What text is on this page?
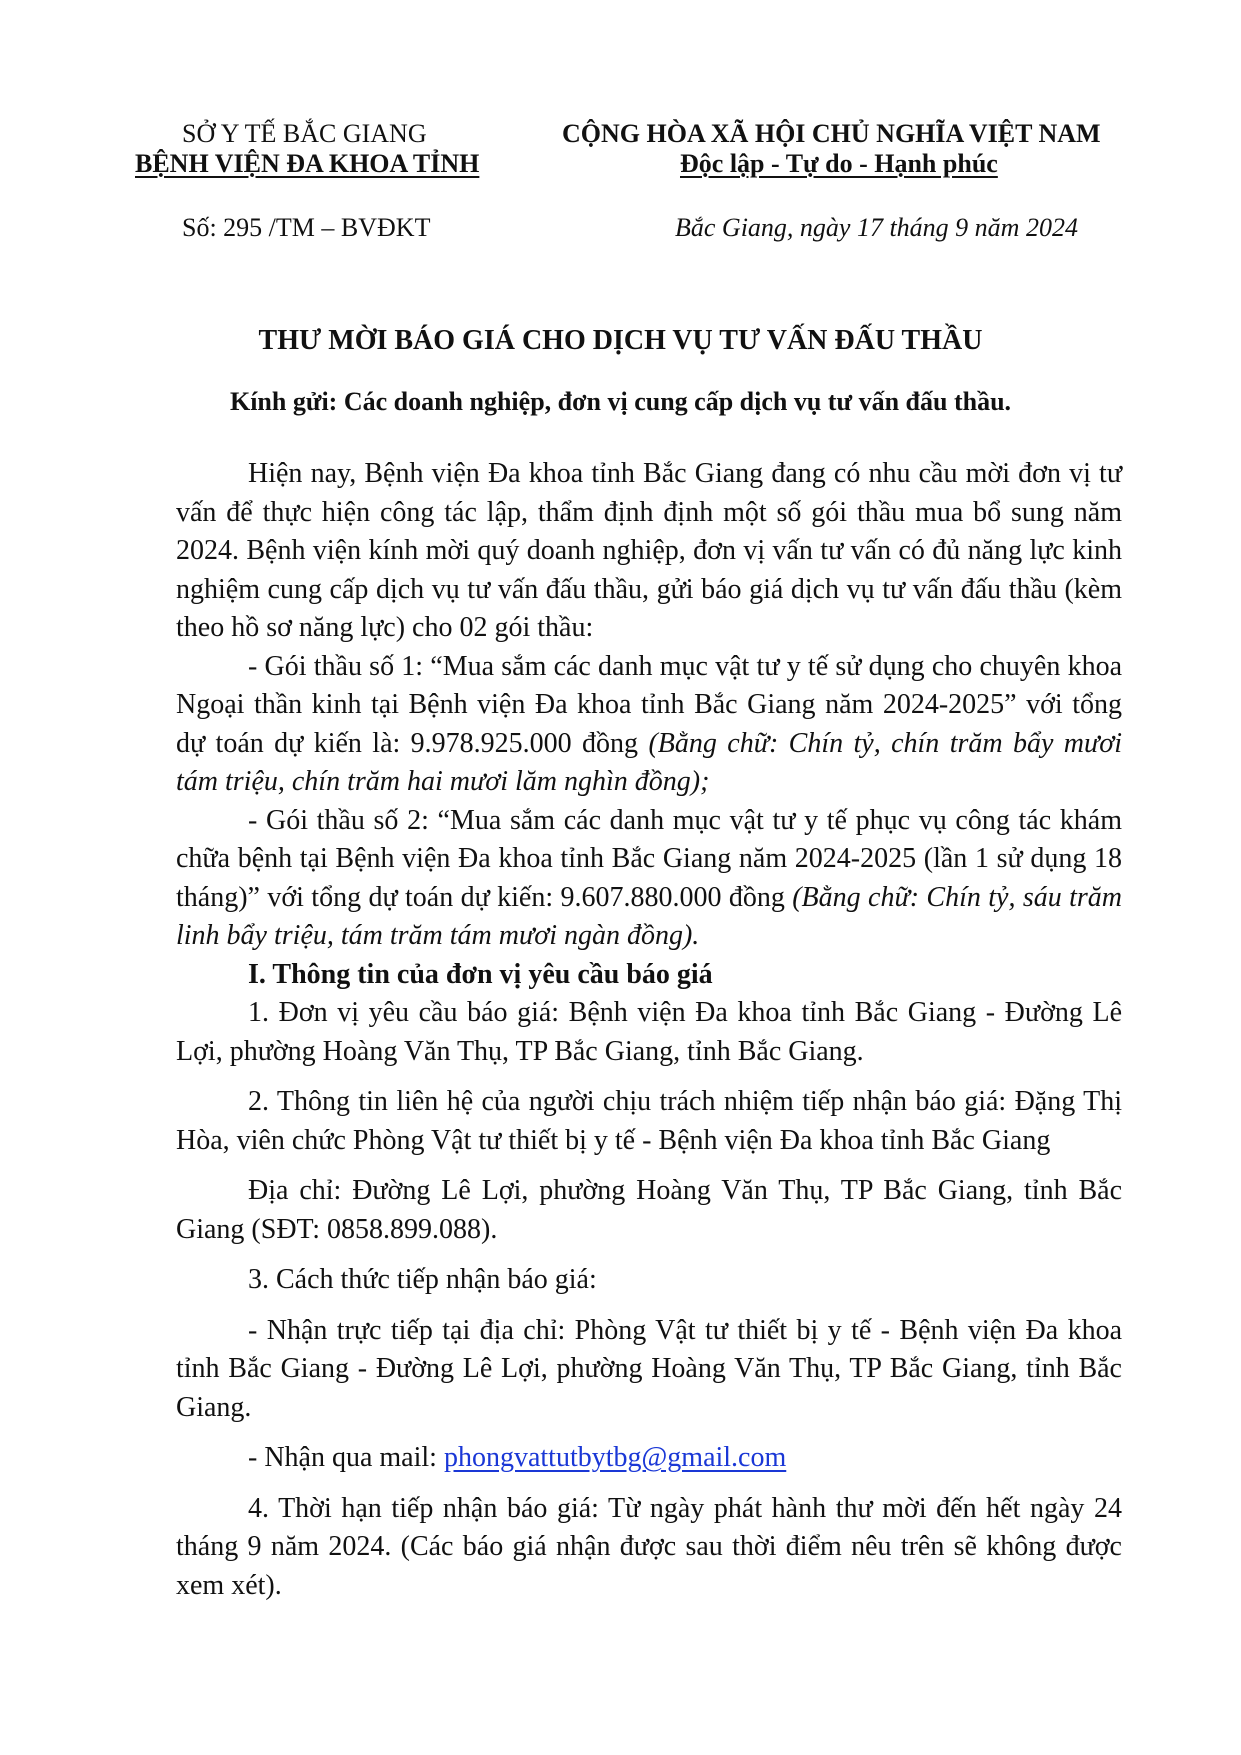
SỞ Y TẾ BẮC GIANG
BỆNH VIỆN ĐA KHOA TỈNH
CỘNG HÒA XÃ HỘI CHỦ NGHĨA VIỆT NAM
Độc lập - Tự do - Hạnh phúc
Số: 295 /TM – BVĐKT	Bắc Giang, ngày 17 tháng 9 năm 2024
THƯ MỜI BÁO GIÁ CHO DỊCH VỤ TƯ VẤN ĐẤU THẦU
Kính gửi: Các doanh nghiệp, đơn vị cung cấp dịch vụ tư vấn đấu thầu.

Hiện nay, Bệnh viện Đa khoa tỉnh Bắc Giang đang có nhu cầu mời đơn vị tư vấn để thực hiện công tác lập, thẩm định định một số gói thầu mua bổ sung năm 2024. Bệnh viện kính mời quý doanh nghiệp, đơn vị vấn tư vấn có đủ năng lực kinh nghiệm cung cấp dịch vụ tư vấn đấu thầu, gửi báo giá dịch vụ tư vấn đấu thầu (kèm theo hồ sơ năng lực) cho 02 gói thầu:

- Gói thầu số 1: “Mua sắm các danh mục vật tư y tế sử dụng cho chuyên khoa Ngoại thần kinh tại Bệnh viện Đa khoa tỉnh Bắc Giang năm 2024-2025” với tổng dự toán dự kiến là: 9.978.925.000 đồng (Bằng chữ: Chín tỷ, chín trăm bẩy mươi tám triệu, chín trăm hai mươi lăm nghìn đồng);

- Gói thầu số 2: “Mua sắm các danh mục vật tư y tế phục vụ công tác khám chữa bệnh tại Bệnh viện Đa khoa tỉnh Bắc Giang năm 2024-2025 (lần 1 sử dụng 18 tháng)” với tổng dự toán dự kiến: 9.607.880.000 đồng (Bằng chữ: Chín tỷ, sáu trăm linh bẩy triệu, tám trăm tám mươi ngàn đồng).

I. Thông tin của đơn vị yêu cầu báo giá

1. Đơn vị yêu cầu báo giá: Bệnh viện Đa khoa tỉnh Bắc Giang - Đường Lê Lợi, phường Hoàng Văn Thụ, TP Bắc Giang, tỉnh Bắc Giang.

2. Thông tin liên hệ của người chịu trách nhiệm tiếp nhận báo giá: Đặng Thị Hòa, viên chức Phòng Vật tư thiết bị y tế - Bệnh viện Đa khoa tỉnh Bắc Giang

Địa chỉ: Đường Lê Lợi, phường Hoàng Văn Thụ, TP Bắc Giang, tỉnh Bắc Giang (SĐT: 0858.899.088).

3. Cách thức tiếp nhận báo giá:

- Nhận trực tiếp tại địa chỉ: Phòng Vật tư thiết bị y tế - Bệnh viện Đa khoa tỉnh Bắc Giang - Đường Lê Lợi, phường Hoàng Văn Thụ, TP Bắc Giang, tỉnh Bắc Giang.

- Nhận qua mail: phongvattutbytbg@gmail.com

4. Thời hạn tiếp nhận báo giá: Từ ngày phát hành thư mời đến hết ngày 24 tháng 9 năm 2024. (Các báo giá nhận được sau thời điểm nêu trên sẽ không được xem xét).
